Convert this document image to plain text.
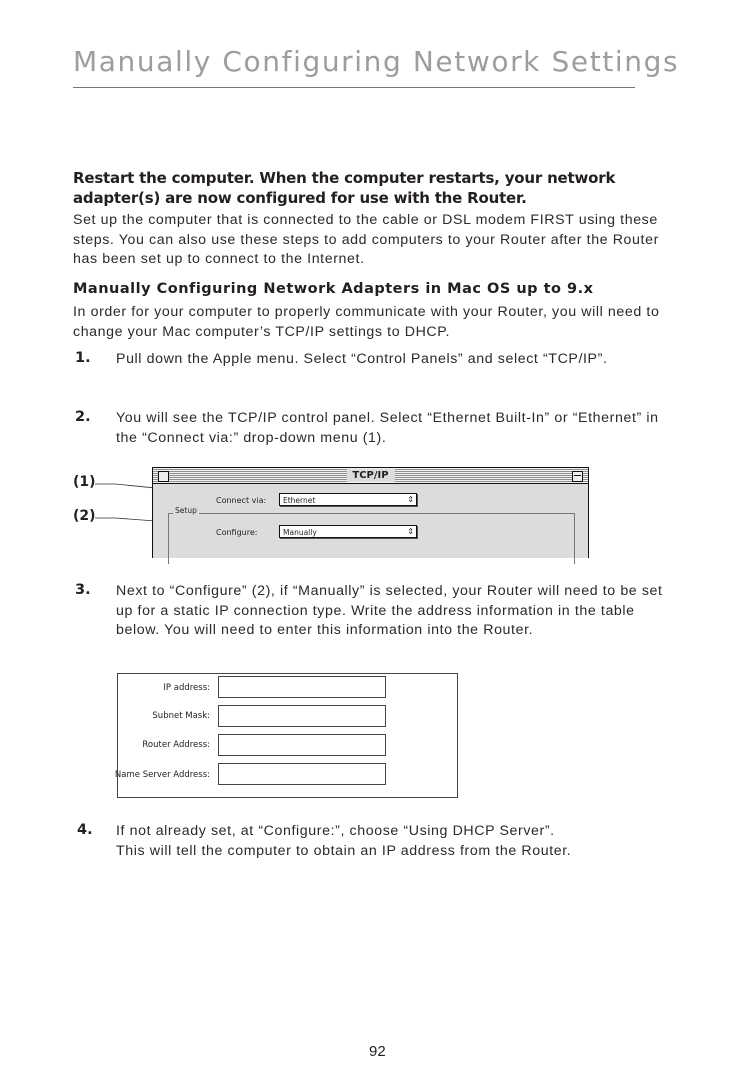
Manually Configuring Network Settings
Restart the computer. When the computer restarts, your network adapter(s) are now configured for use with the Router.
Set up the computer that is connected to the cable or DSL modem FIRST using these steps. You can also use these steps to add computers to your Router after the Router has been set up to connect to the Internet.
Manually Configuring Network Adapters in Mac OS up to 9.x
In order for your computer to properly communicate with your Router, you will need to change your Mac computer’s TCP/IP settings to DHCP.
1. Pull down the Apple menu. Select “Control Panels” and select “TCP/IP”.
2. You will see the TCP/IP control panel. Select “Ethernet Built-In” or “Ethernet” in the “Connect via:” drop-down menu (1).
(1)
(2)
TCP/IP
Connect via:	Ethernet	⇕
Setup
Configure:	Manually	⇕
3. Next to “Configure” (2), if “Manually” is selected, your Router will need to be set up for a static IP connection type. Write the address information in the table below. You will need to enter this information into the Router.
IP address:
Subnet Mask:
Router Address:
Name Server Address:
4. If not already set, at “Configure:”, choose “Using DHCP Server”. This will tell the computer to obtain an IP address from the Router.
92
